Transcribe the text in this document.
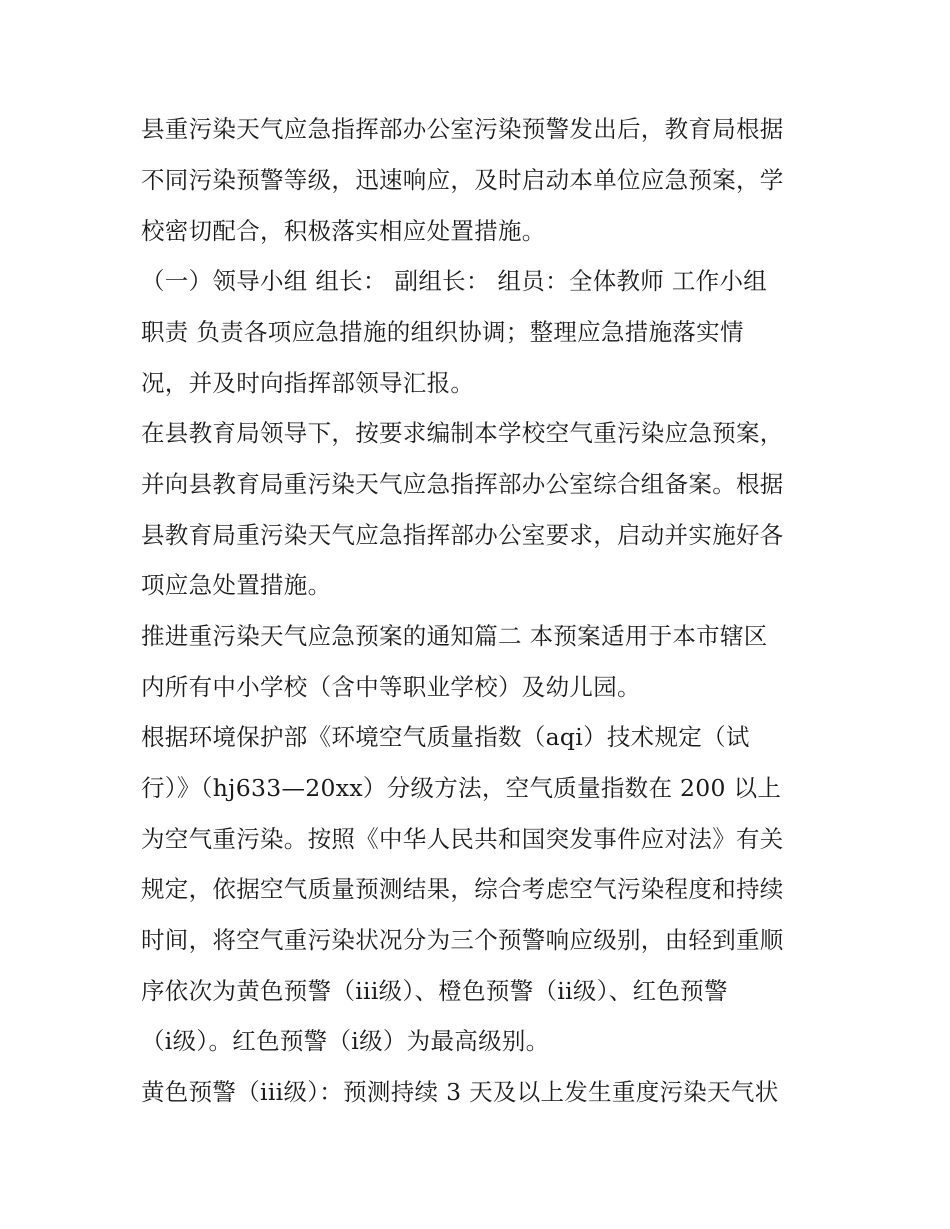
县重污染天气应急指挥部办公室污染预警发出后，教育局根据
不同污染预警等级，迅速响应，及时启动本单位应急预案，学
校密切配合，积极落实相应处置措施。
（一）领导小组 组长： 副组长： 组员：全体教师 工作小组
职责 负责各项应急措施的组织协调；整理应急措施落实情
况，并及时向指挥部领导汇报。
在县教育局领导下，按要求编制本学校空气重污染应急预案，
并向县教育局重污染天气应急指挥部办公室综合组备案。根据
县教育局重污染天气应急指挥部办公室要求，启动并实施好各
项应急处置措施。
推进重污染天气应急预案的通知篇二 本预案适用于本市辖区
内所有中小学校（含中等职业学校）及幼儿园。
根据环境保护部《环境空气质量指数（aqi）技术规定（试
行）》（hj633—20xx）分级方法，空气质量指数在 200 以上
为空气重污染。按照《中华人民共和国突发事件应对法》有关
规定，依据空气质量预测结果，综合考虑空气污染程度和持续
时间，将空气重污染状况分为三个预警响应级别，由轻到重顺
序依次为黄色预警（iii级）、橙色预警（ii级）、红色预警
（i级）。红色预警（i级）为最高级别。
黄色预警（iii级）：预测持续 3 天及以上发生重度污染天气状
